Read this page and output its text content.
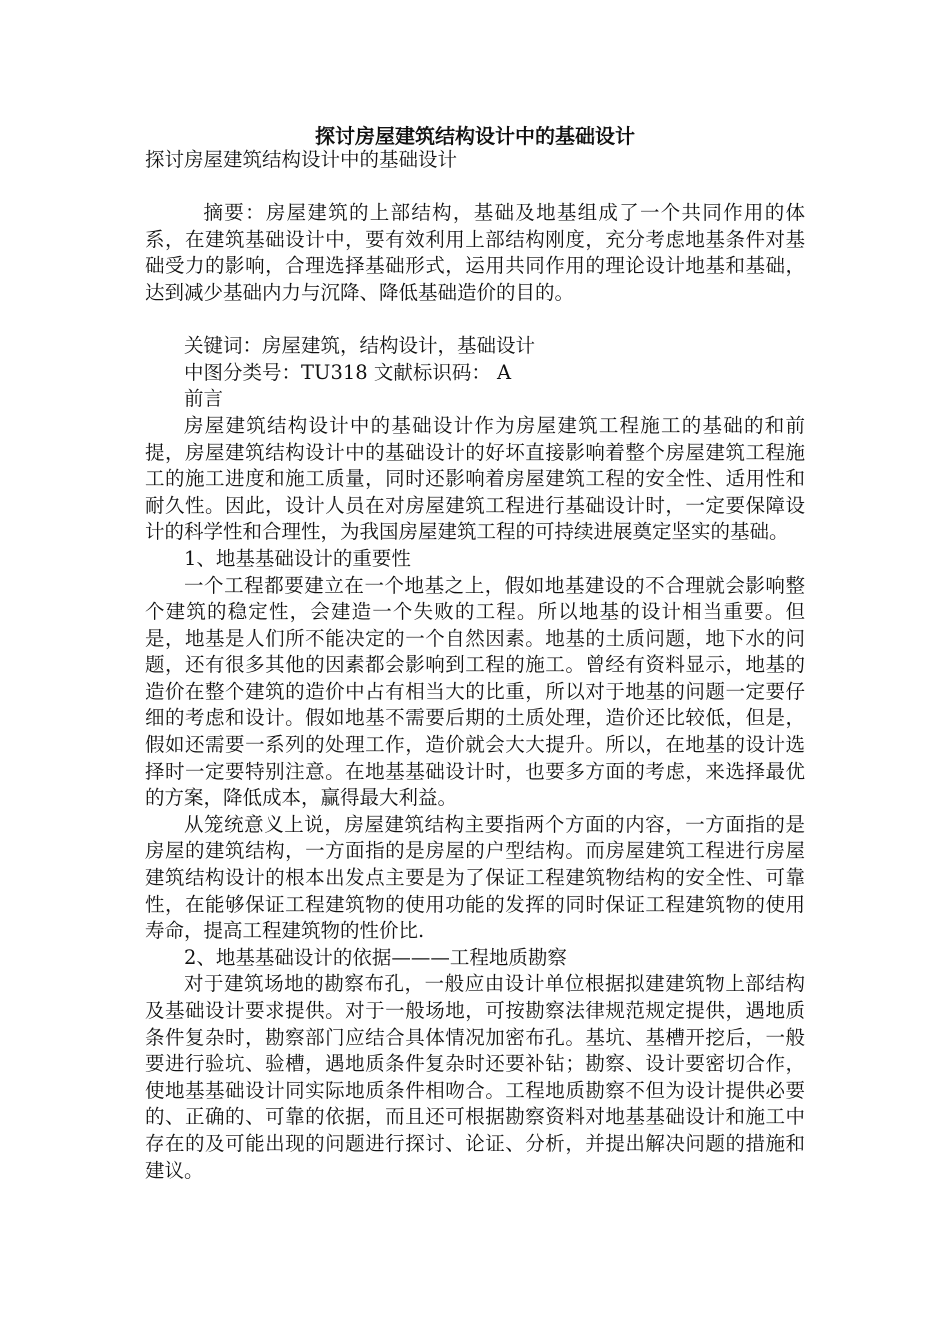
探讨房屋建筑结构设计中的基础设计

探讨房屋建筑结构设计中的基础设计

摘要：房屋建筑的上部结构，基础及地基组成了一个共同作用的体系，在建筑基础设计中，要有效利用上部结构刚度，充分考虑地基条件对基础受力的影响，合理选择基础形式，运用共同作用的理论设计地基和基础，达到减少基础内力与沉降、降低基础造价的目的。

关键词：房屋建筑，结构设计，基础设计

中图分类号：TU318 文献标识码： A

前言

房屋建筑结构设计中的基础设计作为房屋建筑工程施工的基础的和前提，房屋建筑结构设计中的基础设计的好坏直接影响着整个房屋建筑工程施工的施工进度和施工质量，同时还影响着房屋建筑工程的安全性、适用性和耐久性。因此，设计人员在对房屋建筑工程进行基础设计时，一定要保障设计的科学性和合理性，为我国房屋建筑工程的可持续进展奠定坚实的基础。

1、地基基础设计的重要性

一个工程都要建立在一个地基之上，假如地基建设的不合理就会影响整个建筑的稳定性，会建造一个失败的工程。所以地基的设计相当重要。但是，地基是人们所不能决定的一个自然因素。地基的土质问题，地下水的问题，还有很多其他的因素都会影响到工程的施工。曾经有资料显示，地基的造价在整个建筑的造价中占有相当大的比重，所以对于地基的问题一定要仔细的考虑和设计。假如地基不需要后期的土质处理，造价还比较低，但是，假如还需要一系列的处理工作，造价就会大大提升。所以，在地基的设计选择时一定要特别注意。在地基基础设计时，也要多方面的考虑，来选择最优的方案，降低成本，赢得最大利益。

从笼统意义上说，房屋建筑结构主要指两个方面的内容，一方面指的是房屋的建筑结构，一方面指的是房屋的户型结构。而房屋建筑工程进行房屋建筑结构设计的根本出发点主要是为了保证工程建筑物结构的安全性、可靠性，在能够保证工程建筑物的使用功能的发挥的同时保证工程建筑物的使用寿命，提高工程建筑物的性价比.

2、地基基础设计的依据———工程地质勘察

对于建筑场地的勘察布孔，一般应由设计单位根据拟建建筑物上部结构及基础设计要求提供。对于一般场地，可按勘察法律规范规定提供，遇地质条件复杂时，勘察部门应结合具体情况加密布孔。基坑、基槽开挖后，一般要进行验坑、验槽，遇地质条件复杂时还要补钻；勘察、设计要密切合作，使地基基础设计同实际地质条件相吻合。工程地质勘察不但为设计提供必要的、正确的、可靠的依据，而且还可根据勘察资料对地基基础设计和施工中存在的及可能出现的问题进行探讨、论证、分析，并提出解决问题的措施和建议。
